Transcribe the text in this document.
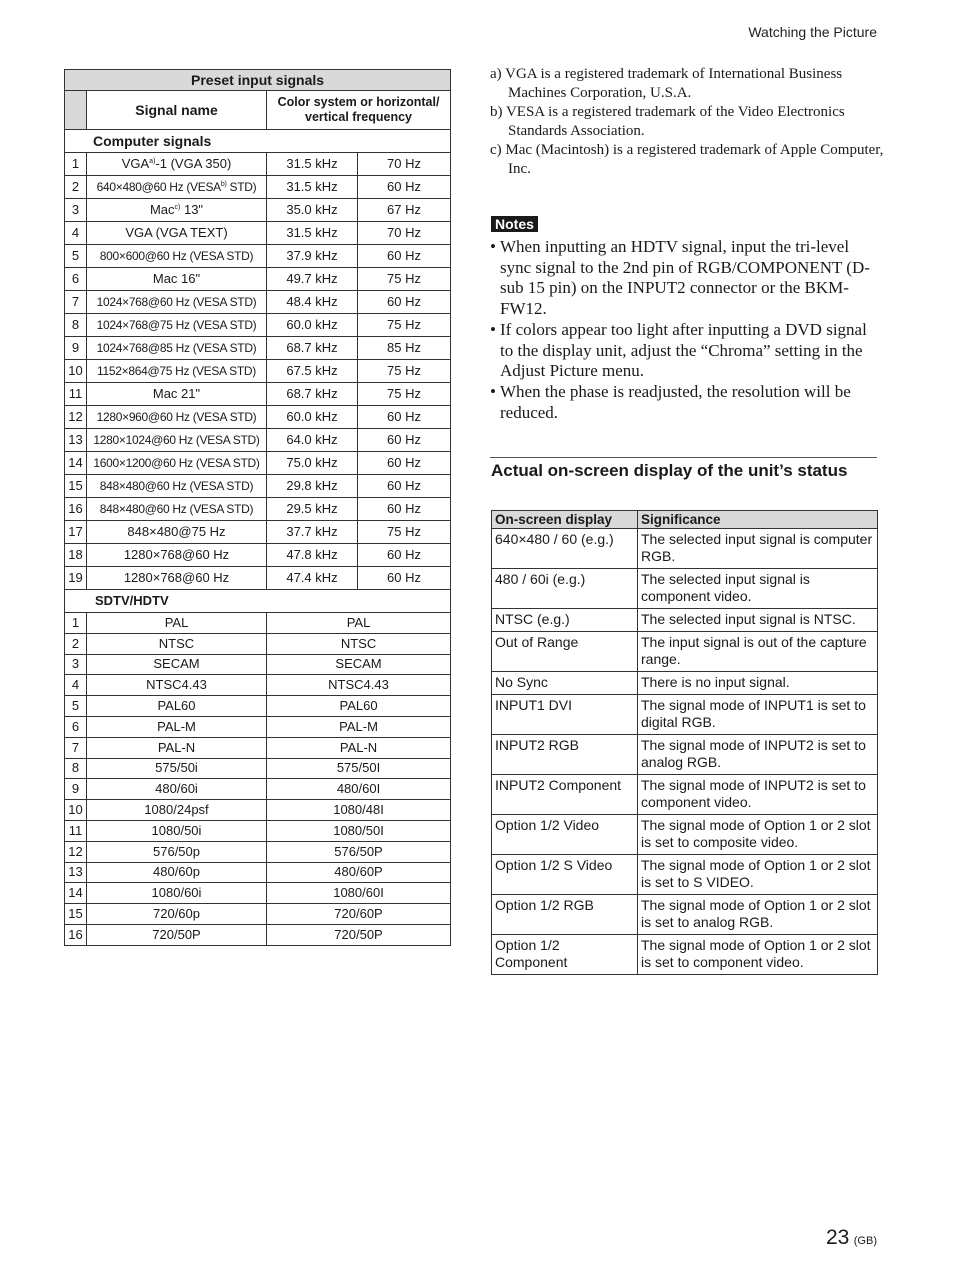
Watching the Picture
Preset input signals			
	Signal name	Color system or horizontal/ vertical frequency	
Computer signals			
1	VGA$^{a)}$-1 (VGA 350)	31.5 kHz	70 Hz
2	640×480@60 Hz (VESA$^{b)}$ STD)	31.5 kHz	60 Hz
3	Mac$^{c)}$ 13"	35.0 kHz	67 Hz
4	VGA (VGA TEXT)	31.5 kHz	70 Hz
5	800×600@60 Hz (VESA STD)	37.9 kHz	60 Hz
6	Mac 16"	49.7 kHz	75 Hz
7	1024×768@60 Hz (VESA STD)	48.4 kHz	60 Hz
8	1024×768@75 Hz (VESA STD)	60.0 kHz	75 Hz
9	1024×768@85 Hz (VESA STD)	68.7 kHz	85 Hz
10	1152×864@75 Hz (VESA STD)	67.5 kHz	75 Hz
11	Mac 21"	68.7 kHz	75 Hz
12	1280×960@60 Hz (VESA STD)	60.0 kHz	60 Hz
13	1280×1024@60 Hz (VESA STD)	64.0 kHz	60 Hz
14	1600×1200@60 Hz (VESA STD)	75.0 kHz	60 Hz
15	848×480@60 Hz (VESA STD)	29.8 kHz	60 Hz
16	848×480@60 Hz (VESA STD)	29.5 kHz	60 Hz
17	848×480@75 Hz	37.7 kHz	75 Hz
18	1280×768@60 Hz	47.8 kHz	60 Hz
19	1280×768@60 Hz	47.4 kHz	60 Hz
SDTV/HDTV			
1	PAL	PAL	
2	NTSC	NTSC	
3	SECAM	SECAM	
4	NTSC4.43	NTSC4.43	
5	PAL60	PAL60	
6	PAL-M	PAL-M	
7	PAL-N	PAL-N	
8	575/50i	575/50I	
9	480/60i	480/60I	
10	1080/24psf	1080/48I	
11	1080/50i	1080/50I	
12	576/50p	576/50P	
13	480/60p	480/60P	
14	1080/60i	1080/60I	
15	720/60p	720/60P	
16	720/50P	720/50P	

a) VGA is a registered trademark of International Business Machines Corporation, U.S.A.

b) VESA is a registered trademark of the Video Electronics Standards Association.

c) Mac (Macintosh) is a registered trademark of Apple Computer, Inc.

Notes
• When inputting an HDTV signal, input the tri-level sync signal to the 2nd pin of RGB/COMPONENT (D-sub 15 pin) on the INPUT2 connector or the BKM-FW12.
• If colors appear too light after inputting a DVD signal to the display unit, adjust the “Chroma” setting in the Adjust Picture menu.
• When the phase is readjusted, the resolution will be reduced.
Actual on-screen display of the unit’s status
On-screen display	Significance
640×480 / 60 (e.g.)	The selected input signal is computer RGB.
480 / 60i (e.g.)	The selected input signal is component video.
NTSC (e.g.)	The selected input signal is NTSC.
Out of Range	The input signal is out of the capture range.
No Sync	There is no input signal.
INPUT1 DVI	The signal mode of INPUT1 is set to digital RGB.
INPUT2 RGB	The signal mode of INPUT2 is set to analog RGB.
INPUT2 Component	The signal mode of INPUT2 is set to component video.
Option 1/2 Video	The signal mode of Option 1 or 2 slot is set to composite video.
Option 1/2 S Video	The signal mode of Option 1 or 2 slot is set to S VIDEO.
Option 1/2 RGB	The signal mode of Option 1 or 2 slot is set to analog RGB.
Option 1/2 Component	The signal mode of Option 1 or 2 slot is set to component video.
23 (GB)
